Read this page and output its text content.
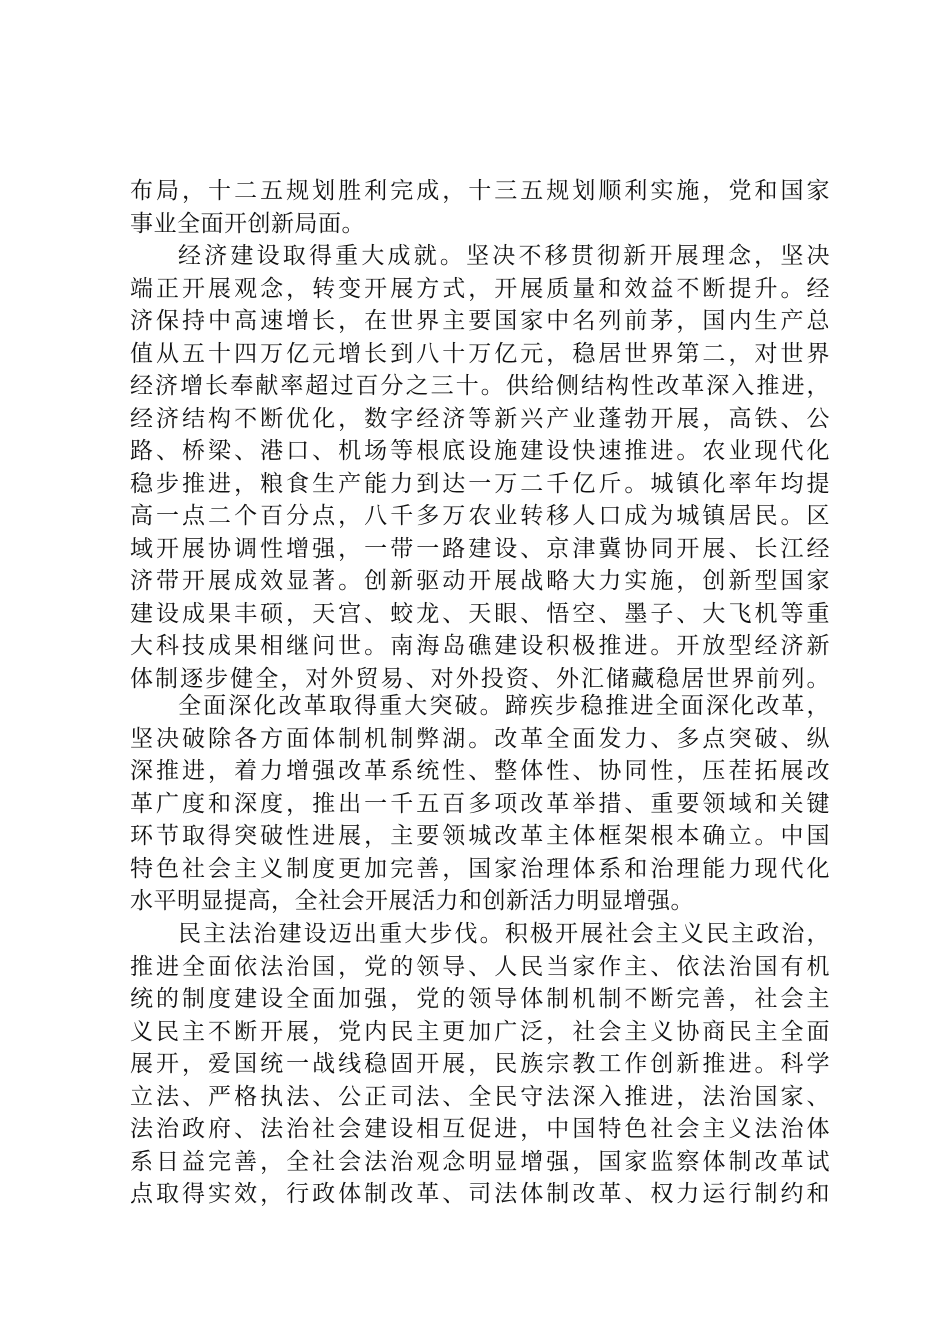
布局，十二五规划胜利完成，十三五规划顺利实施，党和国家
事业全面开创新局面。
经济建设取得重大成就。坚决不移贯彻新开展理念，坚决
端正开展观念，转变开展方式，开展质量和效益不断提升。经
济保持中高速增长，在世界主要国家中名列前茅，国内生产总
值从五十四万亿元增长到八十万亿元，稳居世界第二，对世界
经济增长奉献率超过百分之三十。供给侧结构性改革深入推进，
经济结构不断优化，数字经济等新兴产业蓬勃开展，高铁、公
路、桥梁、港口、机场等根底设施建设快速推进。农业现代化
稳步推进，粮食生产能力到达一万二千亿斤。城镇化率年均提
高一点二个百分点，八千多万农业转移人口成为城镇居民。区
域开展协调性增强，一带一路建设、京津冀协同开展、长江经
济带开展成效显著。创新驱动开展战略大力实施，创新型国家
建设成果丰硕，天宫、蛟龙、天眼、悟空、墨子、大飞机等重
大科技成果相继问世。南海岛礁建设积极推进。开放型经济新
体制逐步健全，对外贸易、对外投资、外汇储藏稳居世界前列。
全面深化改革取得重大突破。蹄疾步稳推进全面深化改革，
坚决破除各方面体制机制弊湖。改革全面发力、多点突破、纵
深推进，着力增强改革系统性、整体性、协同性，压茬拓展改
革广度和深度，推出一千五百多项改革举措、重要领域和关键
环节取得突破性进展，主要领城改革主体框架根本确立。中国
特色社会主义制度更加完善，国家治理体系和治理能力现代化
水平明显提高，全社会开展活力和创新活力明显增强。
民主法治建设迈出重大步伐。积极开展社会主义民主政治，
推进全面依法治国，党的领导、人民当家作主、依法治国有机
统的制度建设全面加强，党的领导体制机制不断完善，社会主
义民主不断开展，党内民主更加广泛，社会主义协商民主全面
展开，爱国统一战线稳固开展，民族宗教工作创新推进。科学
立法、严格执法、公正司法、全民守法深入推进，法治国家、
法治政府、法治社会建设相互促进，中国特色社会主义法治体
系日益完善，全社会法治观念明显增强，国家监察体制改革试
点取得实效，行政体制改革、司法体制改革、权力运行制约和
